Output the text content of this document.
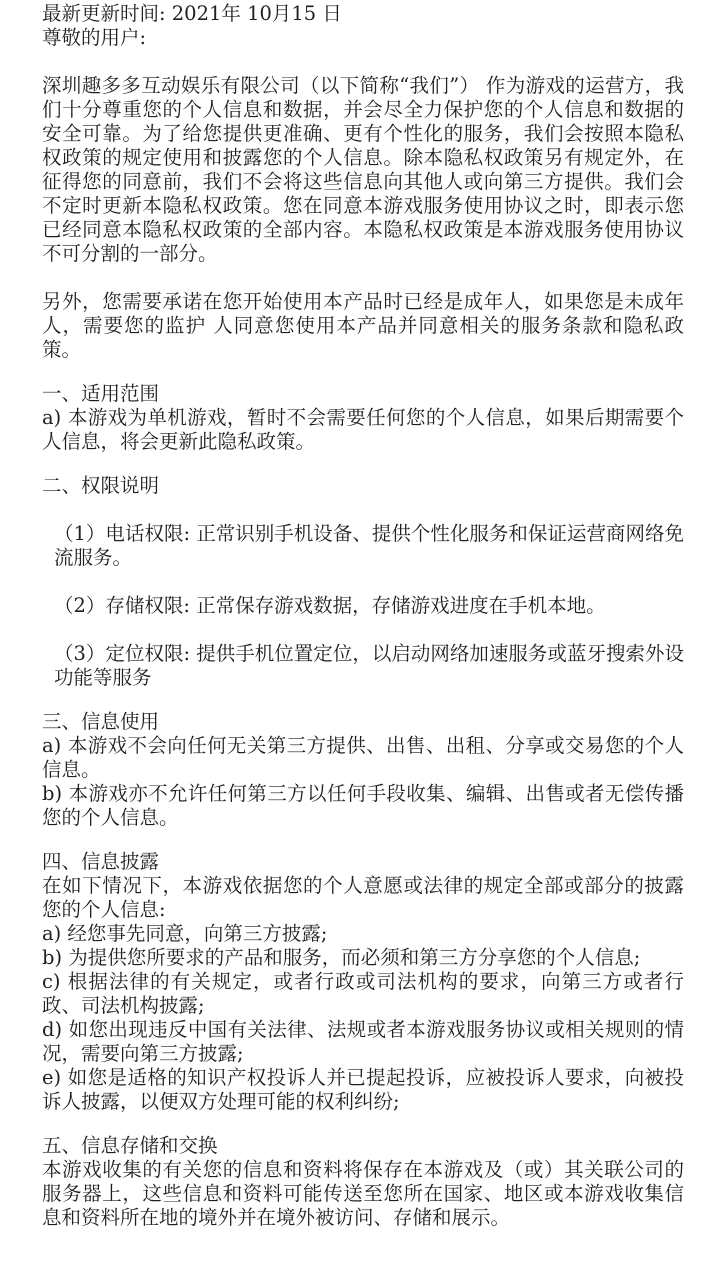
最新更新时间: 2021年 10月15 日
尊敬的用户:

深圳趣多多互动娱乐有限公司（以下简称“我们”） 作为游戏的运营方，我们十分尊重您的个人信息和数据，并会尽全力保护您的个人信息和数据的安全可靠。为了给您提供更准确、更有个性化的服务，我们会按照本隐私权政策的规定使用和披露您的个人信息。除本隐私权政策另有规定外，在征得您的同意前，我们不会将这些信息向其他人或向第三方提供。我们会不定时更新本隐私权政策。您在同意本游戏服务使用协议之时，即表示您已经同意本隐私权政策的全部内容。本隐私权政策是本游戏服务使用协议不可分割的一部分。

另外，您需要承诺在您开始使用本产品时已经是成年人，如果您是未成年人，需要您的监护 人同意您使用本产品并同意相关的服务条款和隐私政策。

一、适用范围

a) 本游戏为单机游戏，暂时不会需要任何您的个人信息，如果后期需要个人信息，将会更新此隐私政策。

二、权限说明

（1）电话权限: 正常识别手机设备、提供个性化服务和保证运营商网络免流服务。

（2）存储权限: 正常保存游戏数据，存储游戏进度在手机本地。

（3）定位权限: 提供手机位置定位，以启动网络加速服务或蓝牙搜索外设功能等服务

三、信息使用

a) 本游戏不会向任何无关第三方提供、出售、出租、分享或交易您的个人信息。

b) 本游戏亦不允许任何第三方以任何手段收集、编辑、出售或者无偿传播您的个人信息。

四、信息披露

在如下情况下，本游戏依据您的个人意愿或法律的规定全部或部分的披露您的个人信息:

a) 经您事先同意，向第三方披露;

b) 为提供您所要求的产品和服务，而必须和第三方分享您的个人信息;

c) 根据法律的有关规定，或者行政或司法机构的要求，向第三方或者行政、司法机构披露;

d) 如您出现违反中国有关法律、法规或者本游戏服务协议或相关规则的情况，需要向第三方披露;

e) 如您是适格的知识产权投诉人并已提起投诉，应被投诉人要求，向被投诉人披露，以便双方处理可能的权利纠纷;

五、信息存储和交换

本游戏收集的有关您的信息和资料将保存在本游戏及（或）其关联公司的服务器上，这些信息和资料可能传送至您所在国家、地区或本游戏收集信息和资料所在地的境外并在境外被访问、存储和展示。
